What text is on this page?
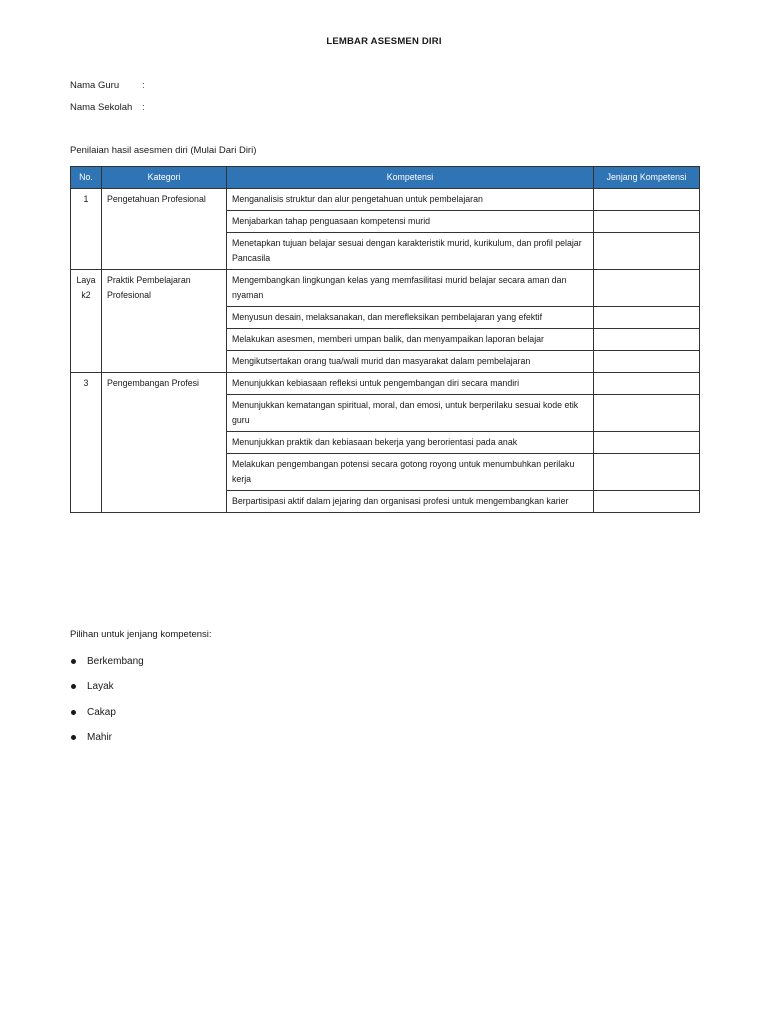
LEMBAR ASESMEN DIRI
Nama Guru :
Nama Sekolah :
Penilaian hasil asesmen diri (Mulai Dari Diri)
No.	Kategori	Kompetensi	Jenjang Kompetensi
1	Pengetahuan Profesional	Menganalisis struktur dan alur pengetahuan untuk pembelajaran	
		Menjabarkan tahap penguasaan kompetensi murid	
		Menetapkan tujuan belajar sesuai dengan karakteristik murid, kurikulum, dan profil pelajar Pancasila	
Laya k2	Praktik Pembelajaran Profesional	Mengembangkan lingkungan kelas yang memfasilitasi murid belajar secara aman dan nyaman	
		Menyusun desain, melaksanakan, dan merefleksikan pembelajaran yang efektif	
		Melakukan asesmen, memberi umpan balik, dan menyampaikan laporan belajar	
		Mengikutsertakan orang tua/wali murid dan masyarakat dalam pembelajaran	
3	Pengembangan Profesi	Menunjukkan kebiasaan refleksi untuk pengembangan diri secara mandiri	
		Menunjukkan kematangan spiritual, moral, dan emosi, untuk berperilaku sesuai kode etik guru	
		Menunjukkan praktik dan kebiasaan bekerja yang berorientasi pada anak	
		Melakukan pengembangan potensi secara gotong royong untuk menumbuhkan perilaku kerja	
		Berpartisipasi aktif dalam jejaring dan organisasi profesi untuk mengembangkan karier	
Pilihan untuk jenjang kompetensi:
Berkembang
Layak
Cakap
Mahir
